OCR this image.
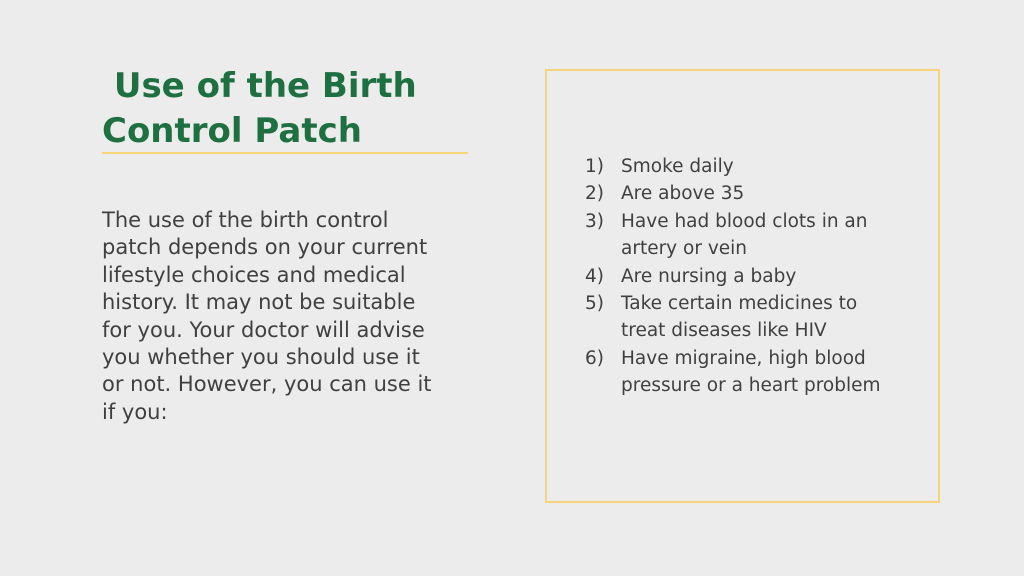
Use of the Birth
Control Patch

The use of the birth control
patch depends on your current
lifestyle choices and medical
history. It may not be suitable
for you. Your doctor will advise
you whether you should use it
or not. However, you can use it
if you:

1) Smoke daily
2) Are above 35
3) Have had blood clots in an
artery or vein
4) Are nursing a baby
5) Take certain medicines to
treat diseases like HIV
6) Have migraine, high blood
pressure or a heart problem
